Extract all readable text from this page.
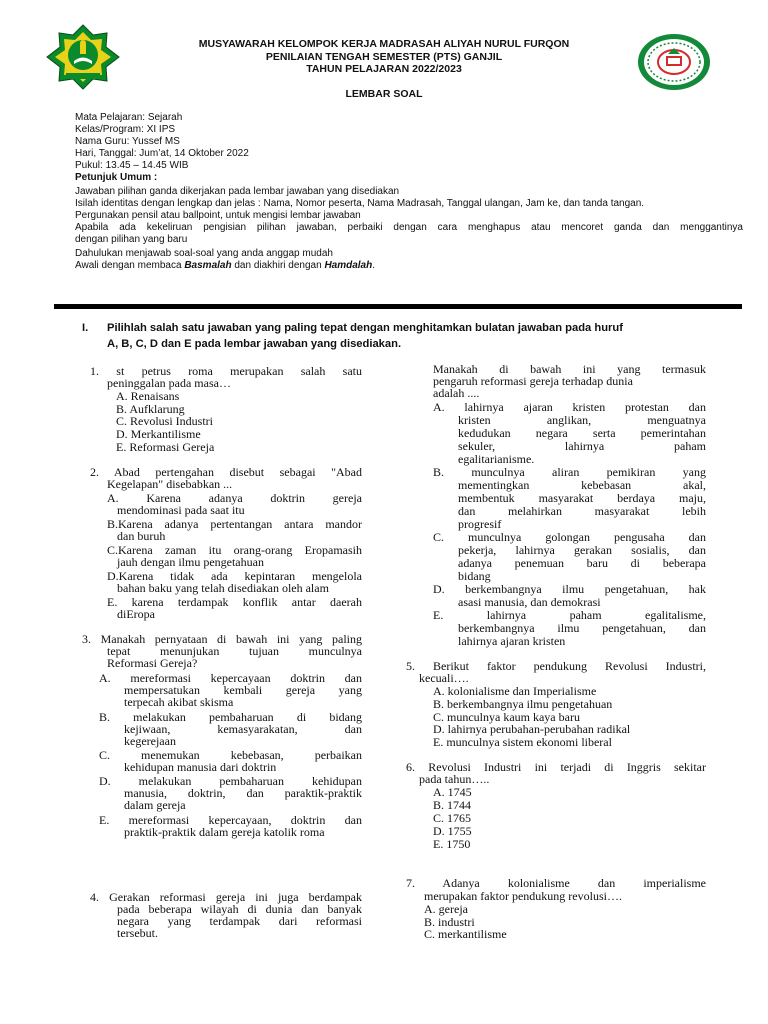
MUSYAWARAH KELOMPOK KERJA MADRASAH ALIYAH NURUL FURQON
PENILAIAN TENGAH SEMESTER (PTS) GANJIL
TAHUN PELAJARAN 2022/2023
LEMBAR SOAL
Mata Pelajaran: Sejarah
Kelas/Program: XI IPS
Nama Guru: Yussef MS
Hari, Tanggal: Jum’at, 14 Oktober 2022
Pukul: 13.45 – 14.45 WIB
Petunjuk Umum :
Jawaban pilihan ganda dikerjakan pada lembar jawaban yang disediakan
Isilah identitas dengan lengkap dan jelas : Nama, Nomor peserta, Nama Madrasah, Tanggal ulangan, Jam ke, dan tanda tangan.
Pergunakan pensil atau ballpoint, untuk mengisi lembar jawaban
Apabila ada kekeliruan pengisian pilihan jawaban, perbaiki dengan cara menghapus atau mencoret ganda dan menggantinya
dengan pilihan yang baru
Dahulukan menjawab soal-soal yang anda anggap mudah
Awali dengan membaca Basmalah dan diakhiri dengan Hamdalah.
I. Pilihlah salah satu jawaban yang paling tepat dengan menghitamkan bulatan jawaban pada huruf
A, B, C, D dan E pada lembar jawaban yang disediakan.
1. st petrus roma merupakan salah satu
peninggalan pada masa…
A. Renaisans
B. Aufklarung
C. Revolusi Industri
D. Merkantilisme
E. Reformasi Gereja
2. Abad pertengahan disebut sebagai "Abad
Kegelapan" disebabkan ...
A. Karena adanya doktrin gereja
mendominasi pada saat itu
B.Karena adanya pertentangan antara mandor
dan buruh
C.Karena zaman itu orang-orang Eropamasih
jauh dengan ilmu pengetahuan
D.Karena tidak ada kepintaran mengelola
bahan baku yang telah disediakan oleh alam
E. karena terdampak konflik antar daerah
diEropa
3. Manakah pernyataan di bawah ini yang paling
tepat menunjukan tujuan munculnya
Reformasi Gereja?
A. mereformasi kepercayaan doktrin dan
mempersatukan kembali gereja yang
terpecah akibat skisma
B. melakukan pembaharuan di bidang
kejiwaan, kemasyarakatan, dan
kegerejaan
C. menemukan kebebasan, perbaikan
kehidupan manusia dari doktrin
D. melakukan pembaharuan kehidupan
manusia, doktrin, dan paraktik-praktik
dalam gereja
E. mereformasi kepercayaan, doktrin dan
praktik-praktik dalam gereja katolik roma
4. Gerakan reformasi gereja ini juga berdampak
pada beberapa wilayah di dunia dan banyak
negara yang terdampak dari reformasi
tersebut.
Manakah di bawah ini yang termasuk
pengaruh reformasi gereja terhadap dunia
adalah ....
A. lahirnya ajaran kristen protestan dan
kristen anglikan, menguatnya
kedudukan negara serta pemerintahan
sekuler, lahirnya paham
egalitarianisme.
B. munculnya aliran pemikiran yang
mementingkan kebebasan akal,
membentuk masyarakat berdaya maju,
dan melahirkan masyarakat lebih
progresif
C. munculnya golongan pengusaha dan
pekerja, lahirnya gerakan sosialis, dan
adanya penemuan baru di beberapa
bidang
D. berkembangnya ilmu pengetahuan, hak
asasi manusia, dan demokrasi
E. lahirnya paham egalitalisme,
berkembangnya ilmu pengetahuan, dan
lahirnya ajaran kristen
5. Berikut faktor pendukung Revolusi Industri,
kecuali….
A. kolonialisme dan Imperialisme
B. berkembangnya ilmu pengetahuan
C. munculnya kaum kaya baru
D. lahirnya perubahan-perubahan radikal
E. munculnya sistem ekonomi liberal
6. Revolusi Industri ini terjadi di Inggris sekitar
pada tahun…..
A. 1745
B. 1744
C. 1765
D. 1755
E. 1750
7. Adanya kolonialisme dan imperialisme
merupakan faktor pendukung revolusi….
A. gereja
B. industri
C. merkantilisme
